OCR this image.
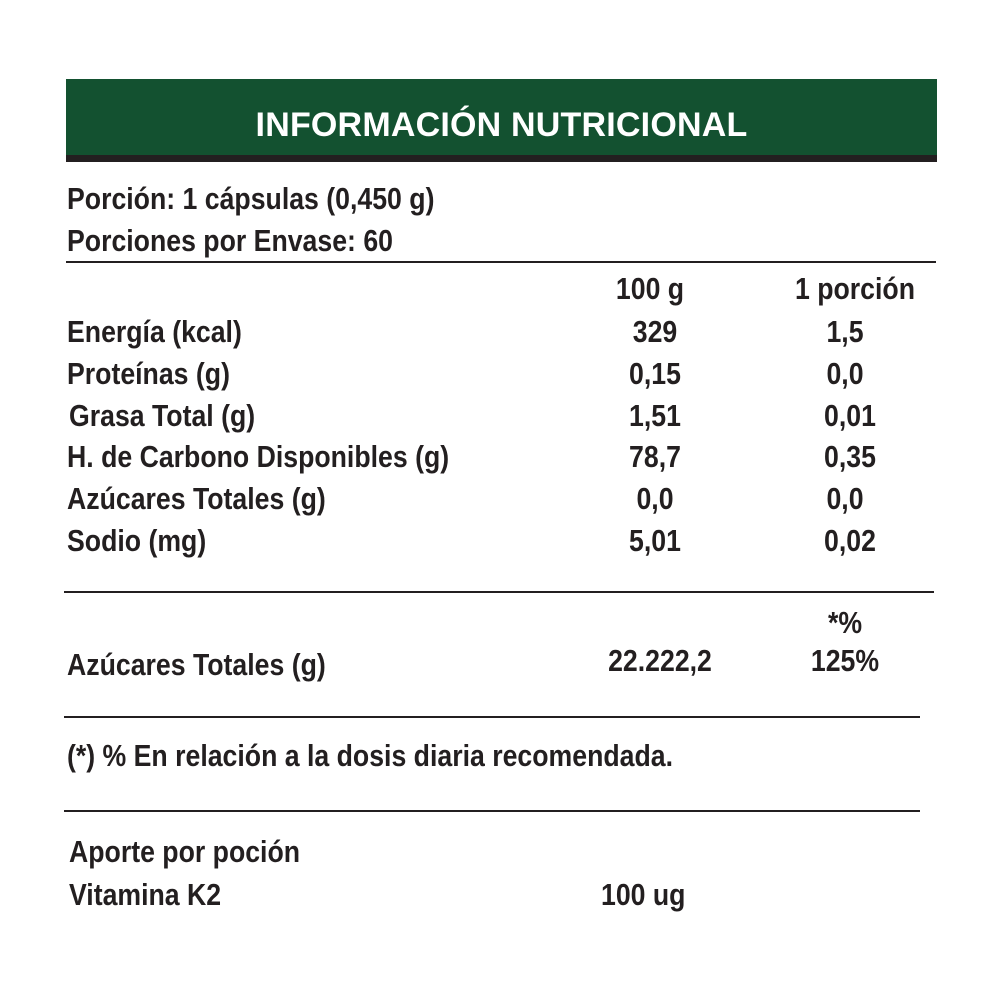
INFORMACIÓN NUTRICIONAL
Porción: 1 cápsulas (0,450 g)
Porciones por Envase: 60
100 g	1 porción
Energía (kcal)	329	1,5
Proteínas (g)	0,15	0,0
Grasa Total (g)	1,51	0,01
H. de Carbono Disponibles (g)	78,7	0,35
Azúcares Totales (g)	0,0	0,0
Sodio (mg)	5,01	0,02
*%
Azúcares Totales (g)	22.222,2	125%
(*) % En relación a la dosis diaria recomendada.
Aporte por poción
Vitamina K2	100 ug
